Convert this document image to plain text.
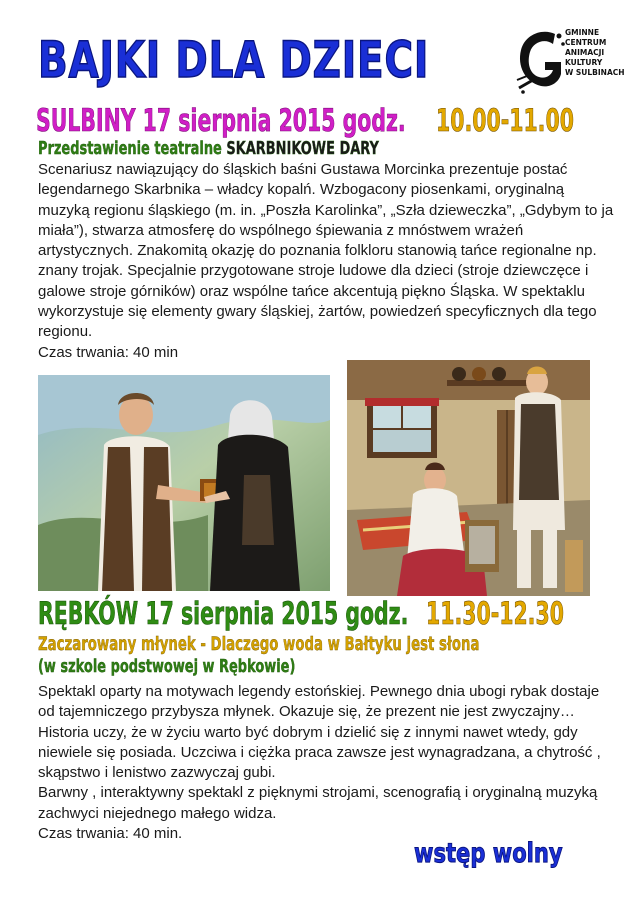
BAJKI DLA DZIECI	GMINNE
CENTRUM
ANIMACJI
KULTURY
W SULBINACH
SULBINY 17 sierpnia 2015 godz. 10.00-11.00
Przedstawienie teatralne SKARBNIKOWE DARY

Scenariusz nawiązujący do śląskich baśni Gustawa Morcinka prezentuje postać legendarnego Skarbnika – władcy kopalń. Wzbogacony piosenkami, oryginalną muzyką regionu śląskiego (m. in. „Poszła Karolinka”, „Szła dzieweczka”, „Gdybym to ja miała”), stwarza atmosferę do wspólnego śpiewania z mnóstwem wrażeń artystycznych. Znakomitą okazję do poznania folkloru stanowią tańce regionalne np. znany trojak. Specjalnie przygotowane stroje ludowe dla dzieci (stroje dziewczęce i galowe stroje górników) oraz wspólne tańce akcentują piękno Śląska. W spektaklu wykorzystuje się elementy gwary śląskiej, żartów, powiedzeń specyficznych dla tego regionu.

Czas trwania: 40 min

RĘBKÓW 17 sierpnia 2015 godz. 11.30-12.30
Zaczarowany młynek - Dlaczego woda w Bałtyku jest słona
(w szkole podstwowej w Rębkowie)

Spektakl oparty na motywach legendy estońskiej. Pewnego dnia ubogi rybak dostaje od tajemniczego przybysza młynek. Okazuje się, że prezent nie jest zwyczajny…

Historia uczy, że w życiu warto być dobrym i dzielić się z innymi nawet wtedy, gdy niewiele się posiada. Uczciwa i ciężka praca zawsze jest wynagradzana, a chytrość , skąpstwo i lenistwo zazwyczaj gubi.

Barwny , interaktywny spektakl z pięknymi strojami, scenografią i oryginalną muzyką zachwyci niejednego małego widza.

Czas trwania: 40 min.

wstęp wolny
